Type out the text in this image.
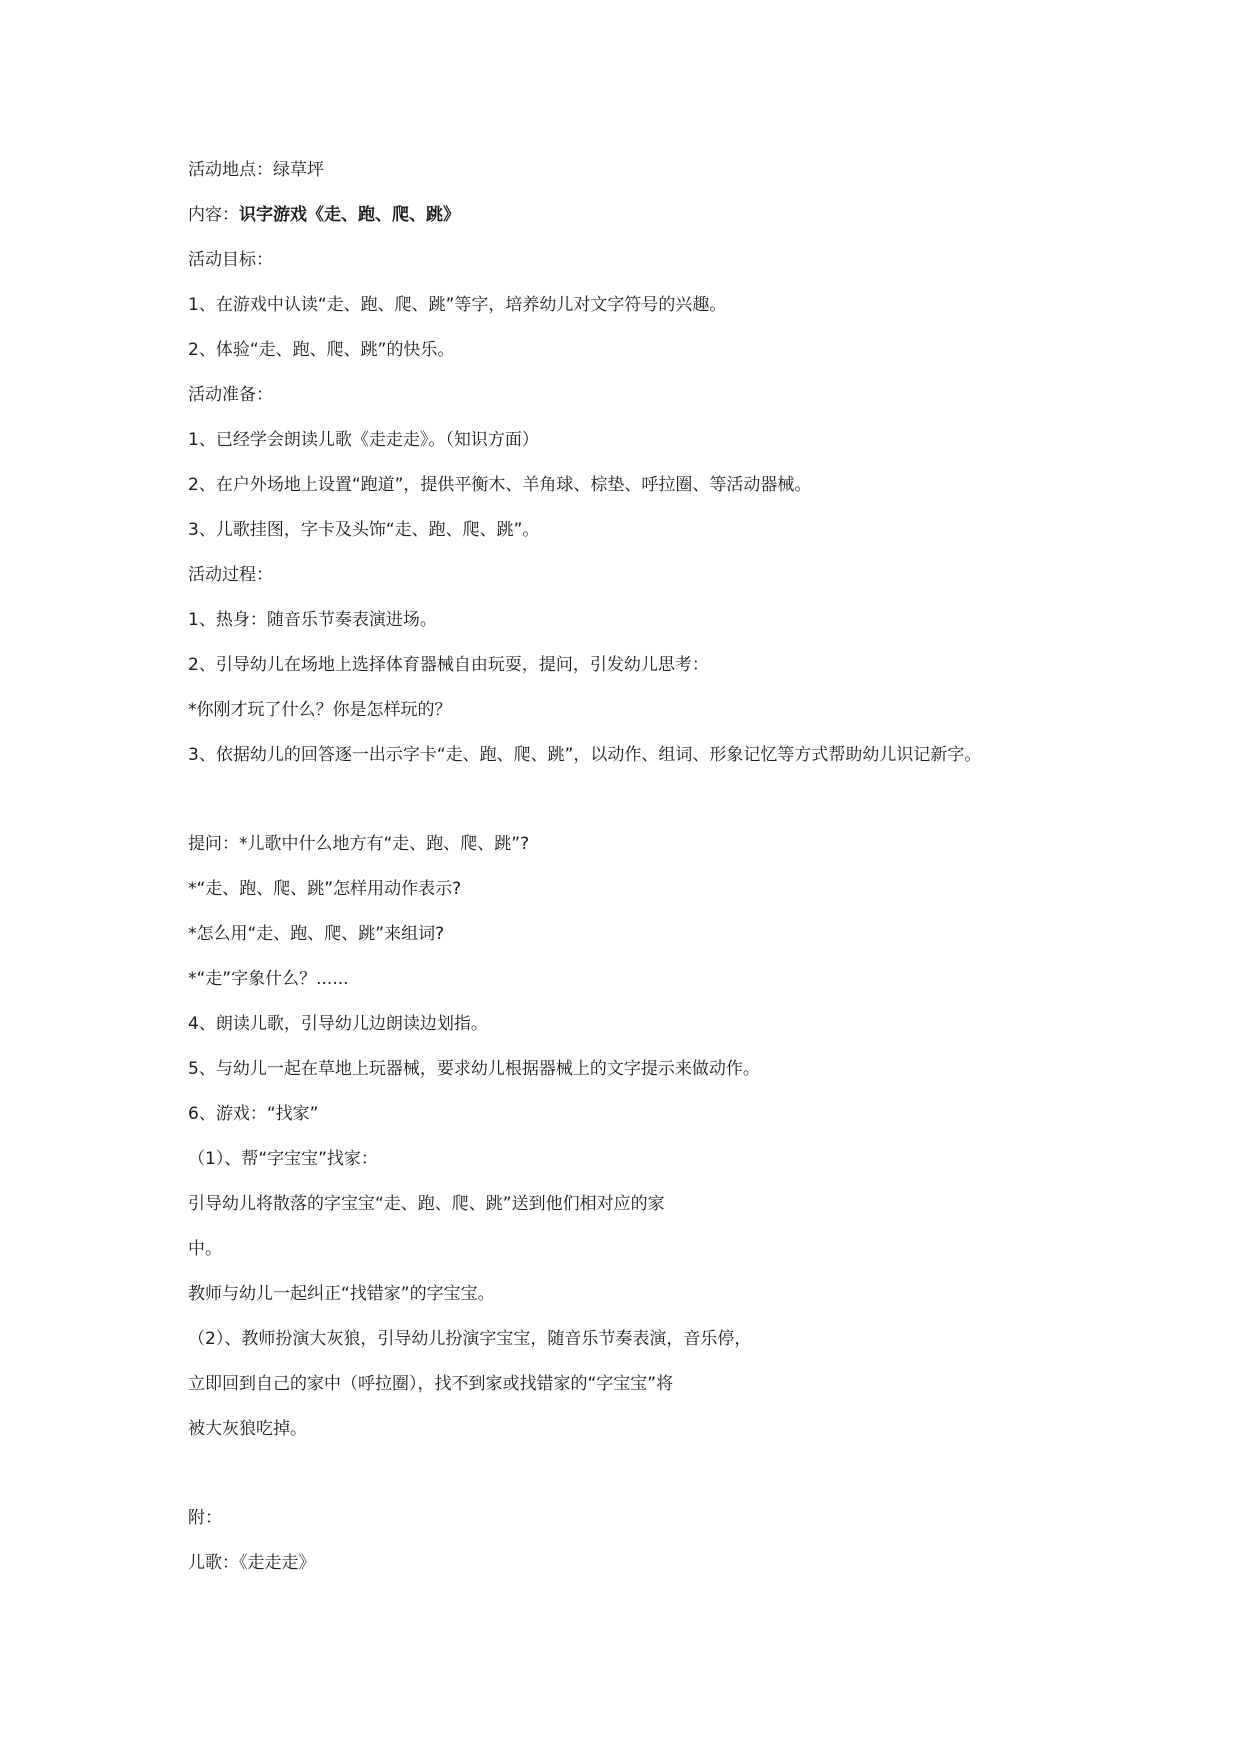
活动地点：绿草坪
内容：识字游戏《走、跑、爬、跳》
活动目标：
1、在游戏中认读“走、跑、爬、跳”等字，培养幼儿对文字符号的兴趣。
2、体验“走、跑、爬、跳”的快乐。
活动准备：
1、已经学会朗读儿歌《走走走》。（知识方面）
2、在户外场地上设置“跑道”，提供平衡木、羊角球、棕垫、呼拉圈、等活动器械。
3、儿歌挂图，字卡及头饰“走、跑、爬、跳”。
活动过程：
1、热身：随音乐节奏表演进场。
2、引导幼儿在场地上选择体育器械自由玩耍，提问，引发幼儿思考：
*你刚才玩了什么？你是怎样玩的？
3、依据幼儿的回答逐一出示字卡“走、跑、爬、跳”，以动作、组词、形象记忆等方式帮助幼儿识记新字。
提问：*儿歌中什么地方有“走、跑、爬、跳”?
*“走、跑、爬、跳”怎样用动作表示?
*怎么用“走、跑、爬、跳”来组词?
*“走”字象什么？......
4、朗读儿歌，引导幼儿边朗读边划指。
5、与幼儿一起在草地上玩器械，要求幼儿根据器械上的文字提示来做动作。
6、游戏：“找家”
（1）、帮“字宝宝”找家：
引导幼儿将散落的字宝宝“走、跑、爬、跳”送到他们相对应的家
中。
教师与幼儿一起纠正“找错家”的字宝宝。
（2）、教师扮演大灰狼，引导幼儿扮演字宝宝，随音乐节奏表演，音乐停，
立即回到自己的家中（呼拉圈），找不到家或找错家的“字宝宝”将
被大灰狼吃掉。
附：
儿歌：《走走走》
